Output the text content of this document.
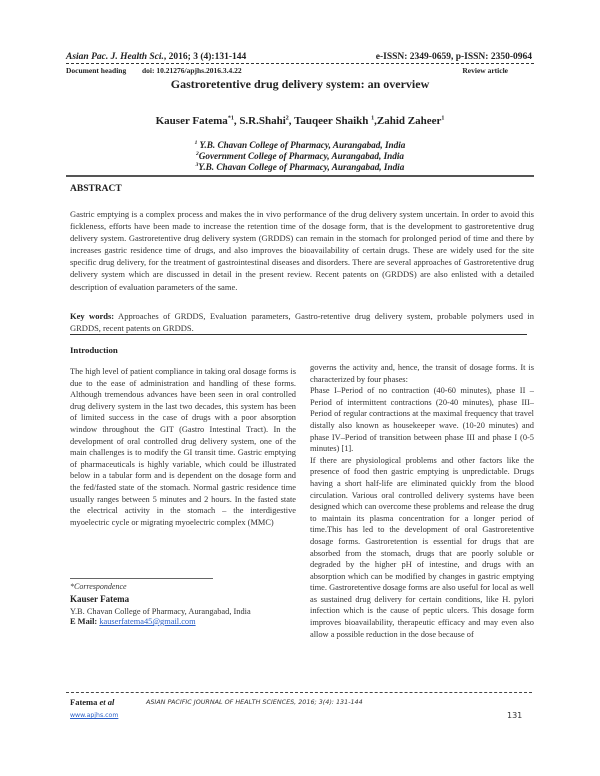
Asian Pac. J. Health Sci., 2016; 3 (4):131-144	e-ISSN: 2349-0659, p-ISSN: 2350-0964
Document heading doi: 10.21276/apjhs.2016.3.4.22	Review article
Gastroretentive drug delivery system: an overview
Kauser Fatema$^{*1}$, S.R.Shahi$^2$, Tauqeer Shaikh $^1$,Zahid Zaheer$^1$
$^1$ Y.B. Chavan College of Pharmacy, Aurangabad, India
$^2$Government College of Pharmacy, Aurangabad, India
$^3$Y.B. Chavan College of Pharmacy, Aurangabad, India
ABSTRACT
Gastric emptying is a complex process and makes the in vivo performance of the drug delivery system uncertain. In order to avoid this fickleness, efforts have been made to increase the retention time of the dosage form, that is the development to gastroretentive drug delivery system. Gastroretentive drug delivery system (GRDDS) can remain in the stomach for prolonged period of time and there by increases gastric residence time of drugs, and also improves the bioavailability of certain drugs. These are widely used for the site specific drug delivery, for the treatment of gastrointestinal diseases and disorders. There are several approaches of Gastroretentive drug delivery system which are discussed in detail in the present review. Recent patents on (GRDDS) are also enlisted with a detailed description of evaluation parameters of the same.
Key words: Approaches of GRDDS, Evaluation parameters, Gastro-retentive drug delivery system, probable polymers used in GRDDS, recent patents on GRDDS.
Introduction

The high level of patient compliance in taking oral dosage forms is due to the ease of administration and handling of these forms. Although tremendous advances have been seen in oral controlled drug delivery system in the last two decades, this system has been of limited success in the case of drugs with a poor absorption window throughout the GIT (Gastro Intestinal Tract). In the development of oral controlled drug delivery system, one of the main challenges is to modify the GI transit time. Gastric emptying of pharmaceuticals is highly variable, which could be illustrated below in a tabular form and is dependent on the dosage form and the fed/fasted state of the stomach. Normal gastric residence time usually ranges between 5 minutes and 2 hours. In the fasted state the electrical activity in the stomach – the interdigestive myoelectric cycle or migrating myoelectric complex (MMC)

governs the activity and, hence, the transit of dosage forms. It is characterized by four phases:

Phase I–Period of no contraction (40-60 minutes), phase II –Period of intermittent contractions (20-40 minutes), phase III–Period of regular contractions at the maximal frequency that travel distally also known as housekeeper wave. (10-20 minutes) and phase IV–Period of transition between phase III and phase I (0-5 minutes) [1].

If there are physiological problems and other factors like the presence of food then gastric emptying is unpredictable. Drugs having a short half-life are eliminated quickly from the blood circulation. Various oral controlled delivery systems have been designed which can overcome these problems and release the drug to maintain its plasma concentration for a longer period of time.This has led to the development of oral Gastroretentive dosage forms. Gastroretention is essential for drugs that are absorbed from the stomach, drugs that are poorly soluble or degraded by the higher pH of intestine, and drugs with an absorption which can be modified by changes in gastric emptying time. Gastroretentive dosage forms are also useful for local as well as sustained drug delivery for certain conditions, like H. pylori infection which is the cause of peptic ulcers. This dosage form improves bioavailability, therapeutic efficacy and may even also allow a possible reduction in the dose because of

*Correspondence
Kauser Fatema
Y.B. Chavan College of Pharmacy, Aurangabad, India
E Mail: kauserfatema45@gmail.com
Fatema et al	ASIAN PACIFIC JOURNAL OF HEALTH SCIENCES, 2016; 3(4): 131-144
www.apjhs.com	131
